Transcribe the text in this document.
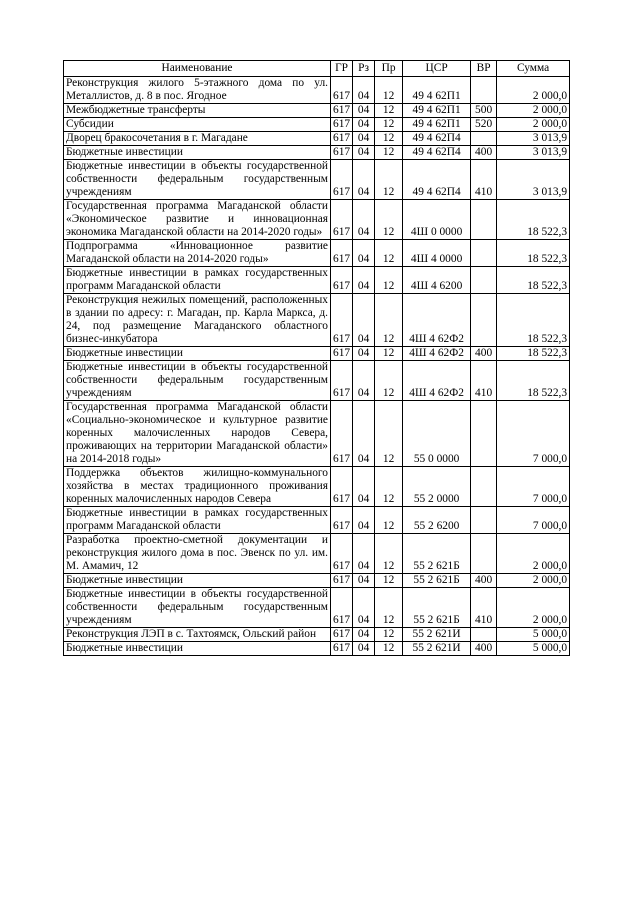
Наименование	ГР	Рз	Пр	ЦСР	ВР	Сумма
Реконструкция жилого 5-этажного дома по ул. Металлистов, д. 8 в пос. Ягодное	617	04	12	49 4 62П1		2 000,0
Межбюджетные трансферты	617	04	12	49 4 62П1	500	2 000,0
Субсидии	617	04	12	49 4 62П1	520	2 000,0
Дворец бракосочетания в г. Магадане	617	04	12	49 4 62П4		3 013,9
Бюджетные инвестиции	617	04	12	49 4 62П4	400	3 013,9
Бюджетные инвестиции в объекты государственной собственности федеральным государственным учреждениям	617	04	12	49 4 62П4	410	3 013,9
Государственная программа Магаданской области «Экономическое развитие и инновационная экономика Магаданской области на 2014-2020 годы»	617	04	12	4Ш 0 0000		18 522,3
Подпрограмма «Инновационное развитие Магаданской области на 2014-2020 годы»	617	04	12	4Ш 4 0000		18 522,3
Бюджетные инвестиции в рамках государственных программ Магаданской области	617	04	12	4Ш 4 6200		18 522,3
Реконструкция нежилых помещений, расположенных в здании по адресу: г. Магадан, пр. Карла Маркса, д. 24, под размещение Магаданского областного бизнес-инкубатора	617	04	12	4Ш 4 62Ф2		18 522,3
Бюджетные инвестиции	617	04	12	4Ш 4 62Ф2	400	18 522,3
Бюджетные инвестиции в объекты государственной собственности федеральным государственным учреждениям	617	04	12	4Ш 4 62Ф2	410	18 522,3
Государственная программа Магаданской области «Социально-экономическое и культурное развитие коренных малочисленных народов Севера, проживающих на территории Магаданской области» на 2014-2018 годы»	617	04	12	55 0 0000		7 000,0
Поддержка объектов жилищно-коммунального хозяйства в местах традиционного проживания коренных малочисленных народов Севера	617	04	12	55 2 0000		7 000,0
Бюджетные инвестиции в рамках государственных программ Магаданской области	617	04	12	55 2 6200		7 000,0
Разработка проектно-сметной документации и реконструкция жилого дома в пос. Эвенск по ул. им. М. Амамич, 12	617	04	12	55 2 621Б		2 000,0
Бюджетные инвестиции	617	04	12	55 2 621Б	400	2 000,0
Бюджетные инвестиции в объекты государственной собственности федеральным государственным учреждениям	617	04	12	55 2 621Б	410	2 000,0
Реконструкция ЛЭП в с. Тахтоямск, Ольский район	617	04	12	55 2 621И		5 000,0
Бюджетные инвестиции	617	04	12	55 2 621И	400	5 000,0
